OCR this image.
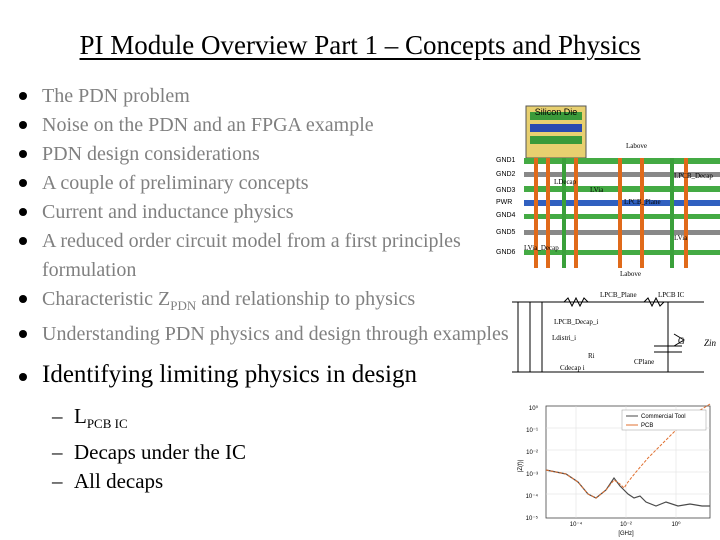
PI Module Overview Part 1 – Concepts and Physics
The PDN problem
Noise on the PDN and an FPGA example
PDN design considerations
A couple of preliminary concepts
Current and inductance physics
A reduced order circuit model from a first principles formulation
Characteristic $Z_{PDN}$ and relationship to physics
Understanding PDN physics and design through examples
Identifying limiting physics in design
– $L_{PCB IC}$
– Decaps under the IC
– All decaps
Silicon Die
GND1
GND2
GND3
PWR
GND4
GND5
GND6
Labove
LPCB_Decap
LDecap
LVia
LPCB_Plane
LVia_Decap
LVia
Labove
LPCB_Plane	LPCB IC
LPCB_Decap_i
Ldistri_i
Ri
CPlane
Cdecap i
G Zin
Commercial Tool
PCB
10⁰
10⁻¹
10⁻²
10⁻³
10⁻⁴
10⁻⁵
10⁻⁴	10⁻²	10⁰
[GHz]
|Z(f)|
